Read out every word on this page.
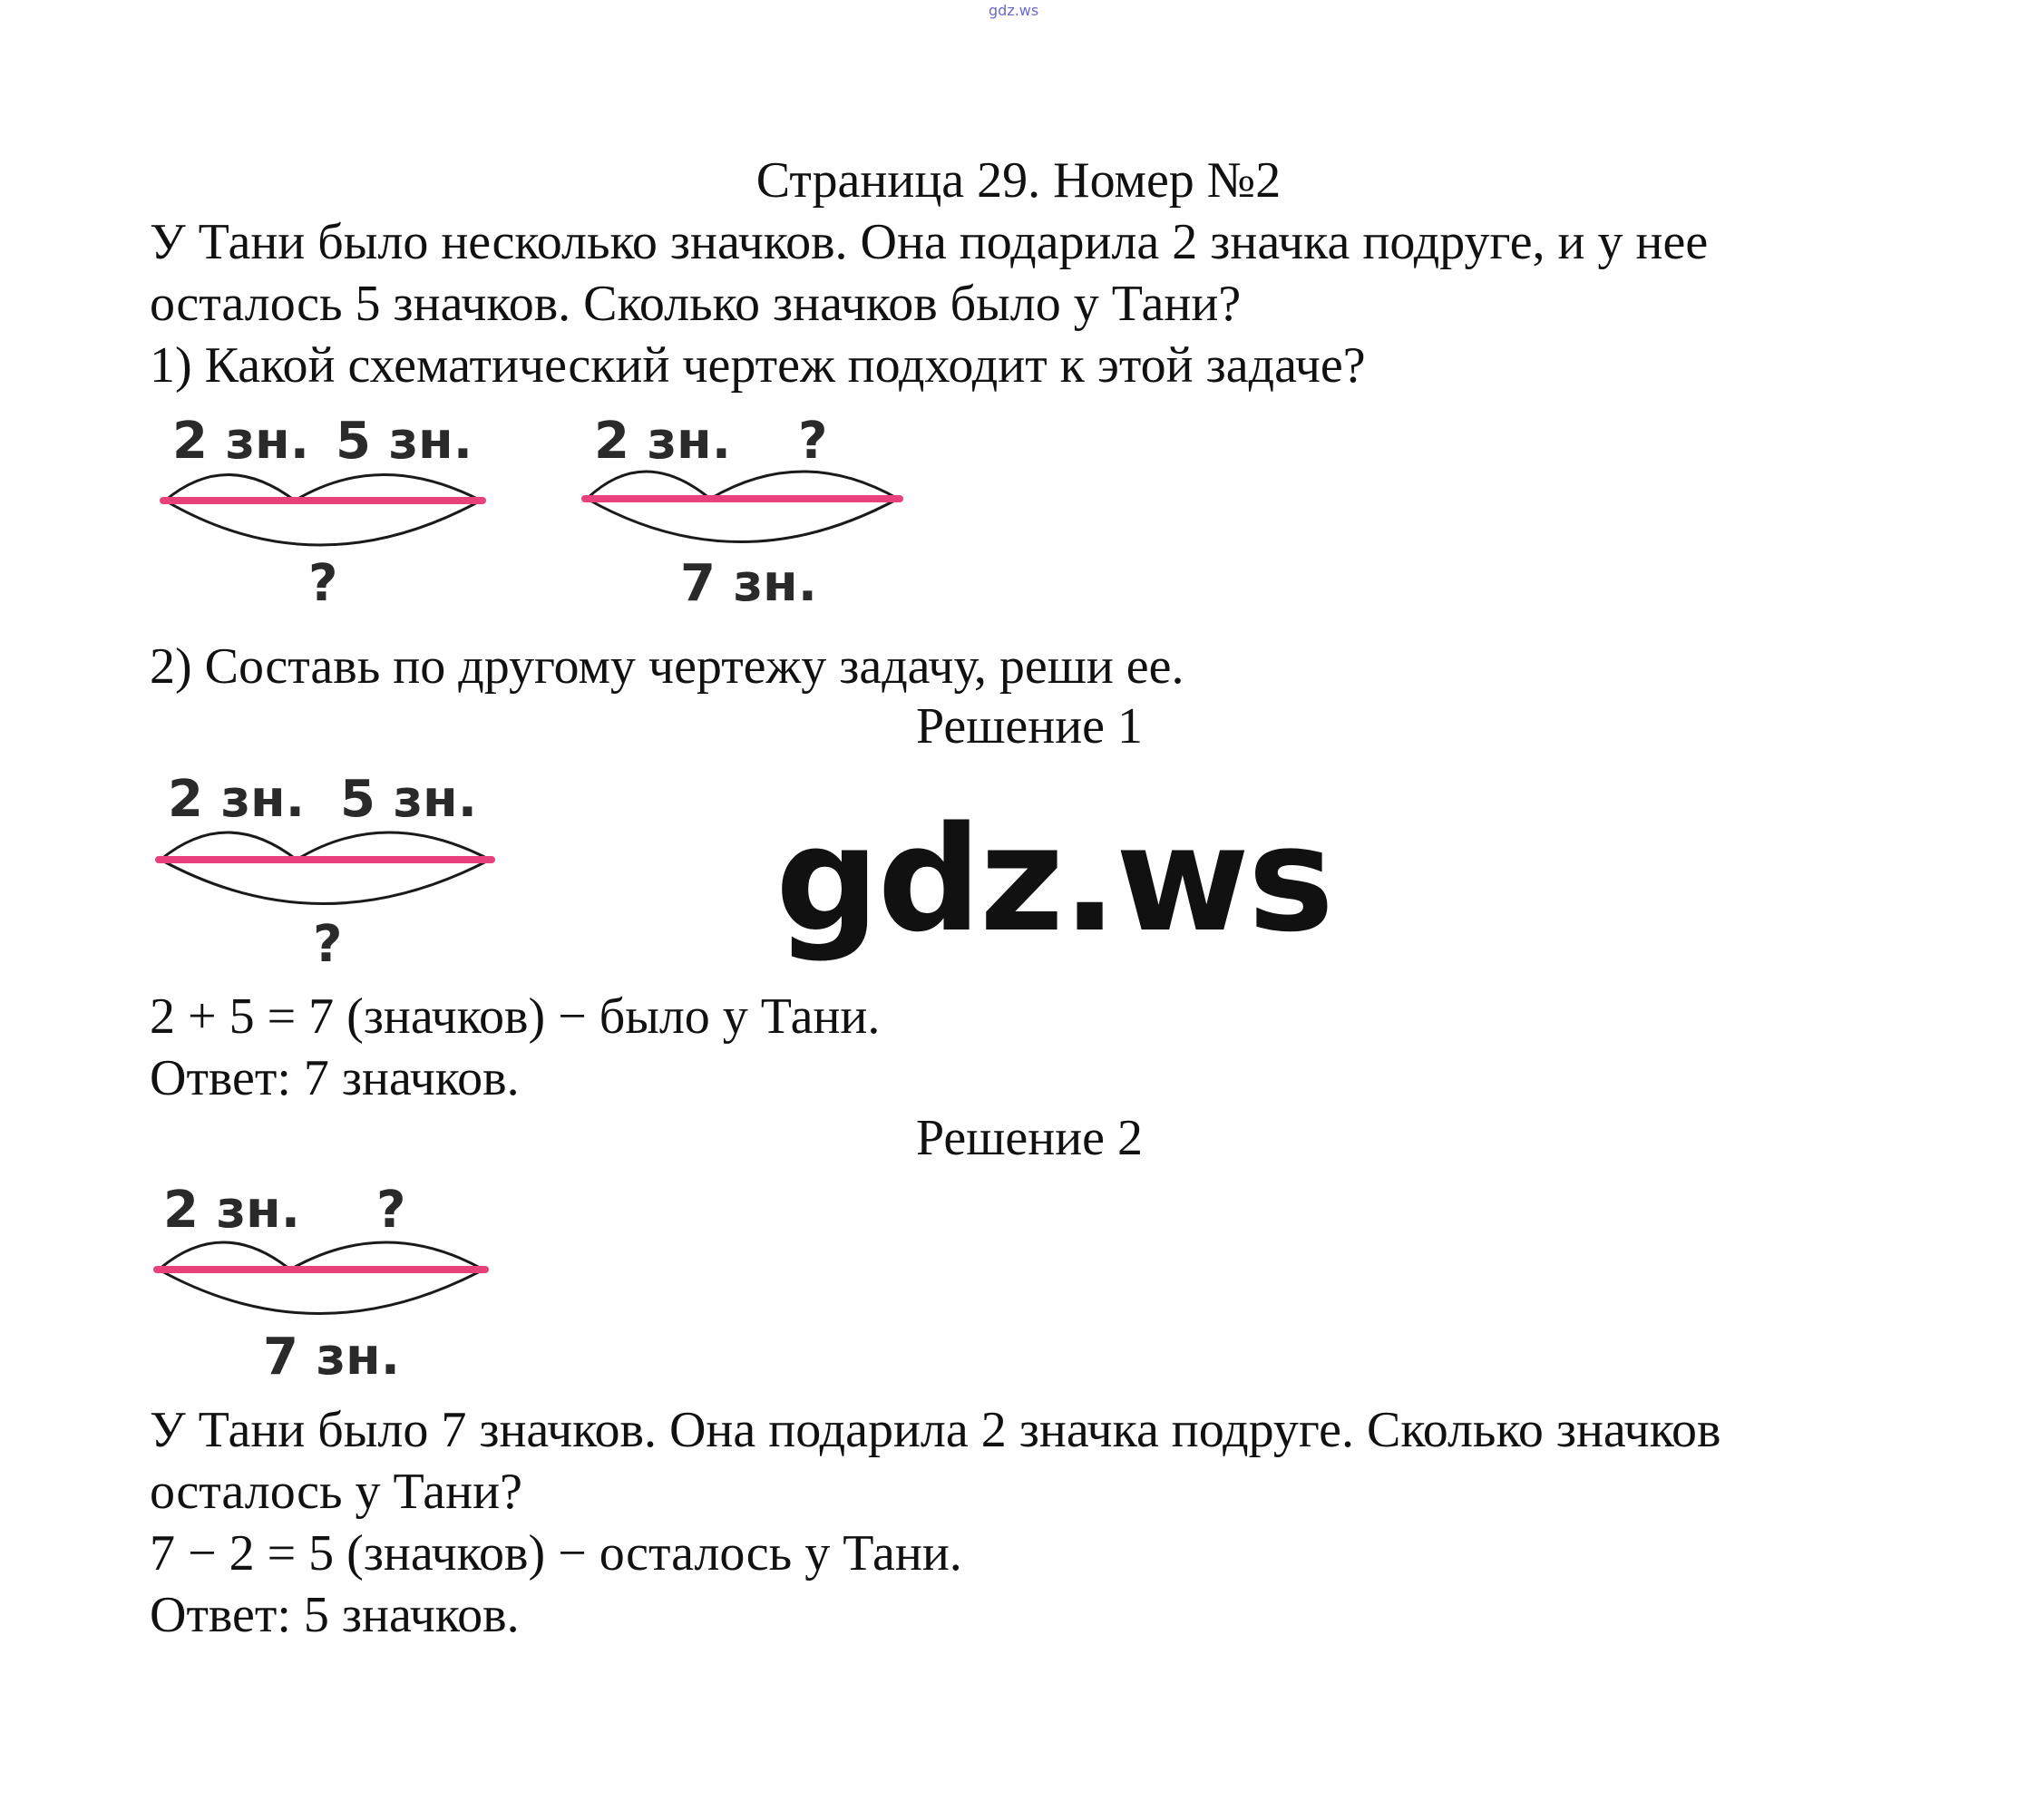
gdz.ws
Страница 29. Номер №2
У Тани было несколько значков. Она подарила 2 значка подруге, и у нее
осталось 5 значков. Сколько значков было у Тани?
1) Какой схематический чертеж подходит к этой задаче?
2 зн. 5 зн.
?
2 зн. ?
7 зн.
2) Составь по другому чертежу задачу, реши ее.
Решение 1
2 зн. 5 зн.
?	gdz.ws
2 + 5 = 7 (значков) − было у Тани.
Ответ: 7 значков.
Решение 2
2 зн. ?
7 зн.
У Тани было 7 значков. Она подарила 2 значка подруге. Сколько значков
осталось у Тани?
7 − 2 = 5 (значков) − осталось у Тани.
Ответ: 5 значков.
